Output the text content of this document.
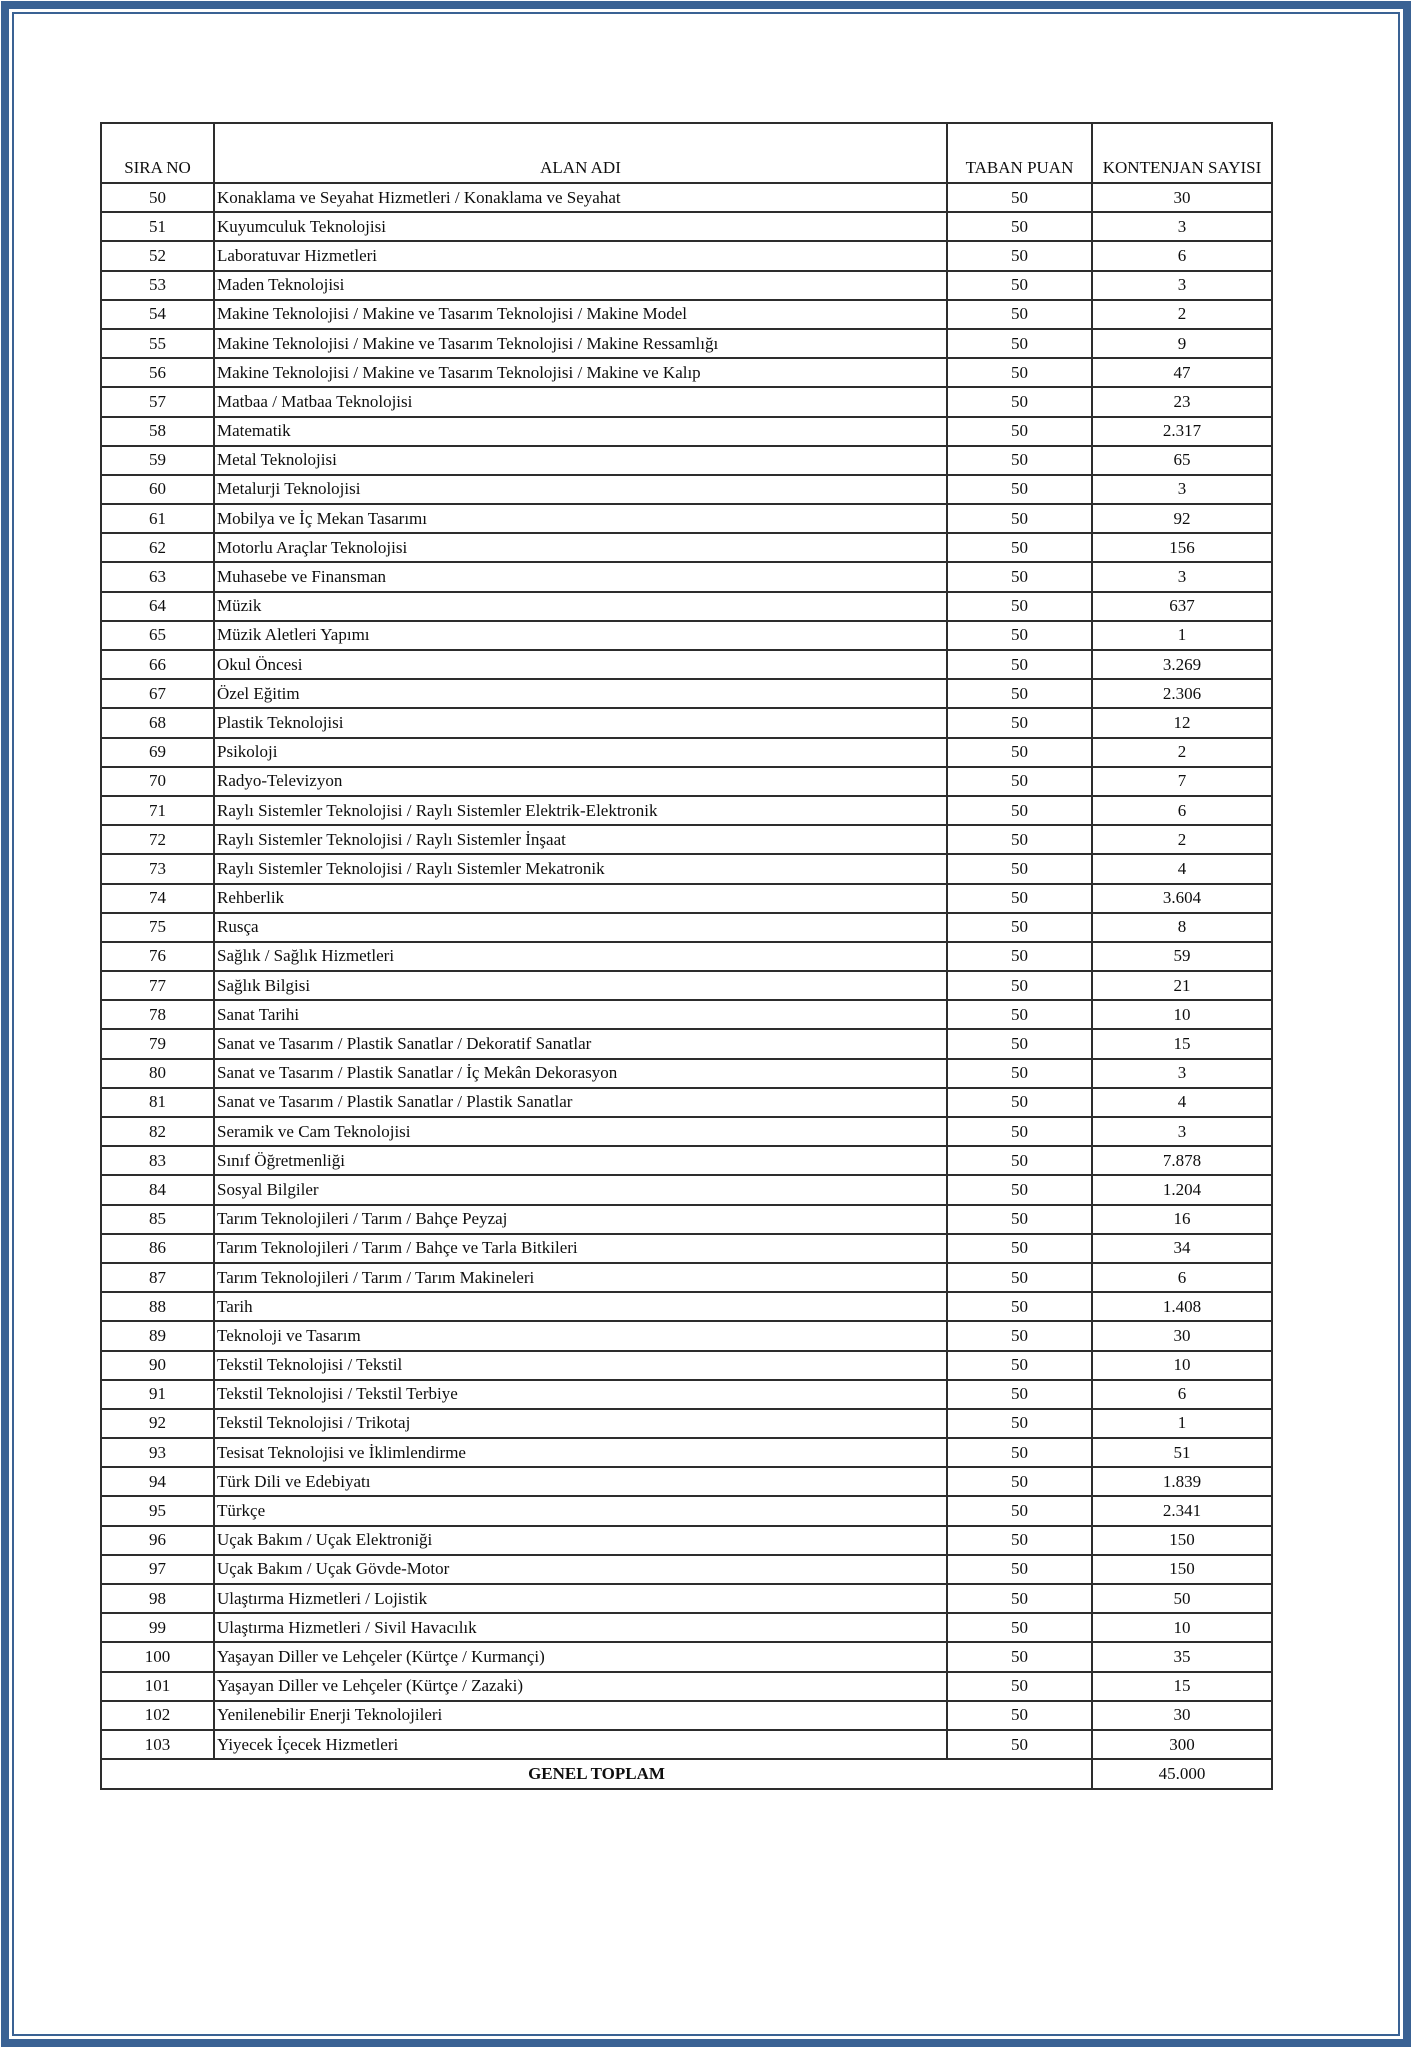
SIRA NO	ALAN ADI	TABAN PUAN	KONTENJAN SAYISI
50	Konaklama ve Seyahat Hizmetleri / Konaklama ve Seyahat	50	30
51	Kuyumculuk Teknolojisi	50	3
52	Laboratuvar Hizmetleri	50	6
53	Maden Teknolojisi	50	3
54	Makine Teknolojisi / Makine ve Tasarım Teknolojisi / Makine Model	50	2
55	Makine Teknolojisi / Makine ve Tasarım Teknolojisi / Makine Ressamlığı	50	9
56	Makine Teknolojisi / Makine ve Tasarım Teknolojisi / Makine ve Kalıp	50	47
57	Matbaa / Matbaa Teknolojisi	50	23
58	Matematik	50	2.317
59	Metal Teknolojisi	50	65
60	Metalurji Teknolojisi	50	3
61	Mobilya ve İç Mekan Tasarımı	50	92
62	Motorlu Araçlar Teknolojisi	50	156
63	Muhasebe ve Finansman	50	3
64	Müzik	50	637
65	Müzik Aletleri Yapımı	50	1
66	Okul Öncesi	50	3.269
67	Özel Eğitim	50	2.306
68	Plastik Teknolojisi	50	12
69	Psikoloji	50	2
70	Radyo-Televizyon	50	7
71	Raylı Sistemler Teknolojisi / Raylı Sistemler Elektrik-Elektronik	50	6
72	Raylı Sistemler Teknolojisi / Raylı Sistemler İnşaat	50	2
73	Raylı Sistemler Teknolojisi / Raylı Sistemler Mekatronik	50	4
74	Rehberlik	50	3.604
75	Rusça	50	8
76	Sağlık / Sağlık Hizmetleri	50	59
77	Sağlık Bilgisi	50	21
78	Sanat Tarihi	50	10
79	Sanat ve Tasarım / Plastik Sanatlar / Dekoratif Sanatlar	50	15
80	Sanat ve Tasarım / Plastik Sanatlar / İç Mekân Dekorasyon	50	3
81	Sanat ve Tasarım / Plastik Sanatlar / Plastik Sanatlar	50	4
82	Seramik ve Cam Teknolojisi	50	3
83	Sınıf Öğretmenliği	50	7.878
84	Sosyal Bilgiler	50	1.204
85	Tarım Teknolojileri / Tarım / Bahçe Peyzaj	50	16
86	Tarım Teknolojileri / Tarım / Bahçe ve Tarla Bitkileri	50	34
87	Tarım Teknolojileri / Tarım / Tarım Makineleri	50	6
88	Tarih	50	1.408
89	Teknoloji ve Tasarım	50	30
90	Tekstil Teknolojisi / Tekstil	50	10
91	Tekstil Teknolojisi / Tekstil Terbiye	50	6
92	Tekstil Teknolojisi / Trikotaj	50	1
93	Tesisat Teknolojisi ve İklimlendirme	50	51
94	Türk Dili ve Edebiyatı	50	1.839
95	Türkçe	50	2.341
96	Uçak Bakım / Uçak Elektroniği	50	150
97	Uçak Bakım / Uçak Gövde-Motor	50	150
98	Ulaştırma Hizmetleri / Lojistik	50	50
99	Ulaştırma Hizmetleri / Sivil Havacılık	50	10
100	Yaşayan Diller ve Lehçeler (Kürtçe / Kurmançi)	50	35
101	Yaşayan Diller ve Lehçeler (Kürtçe / Zazaki)	50	15
102	Yenilenebilir Enerji Teknolojileri	50	30
103	Yiyecek İçecek Hizmetleri	50	300
GENEL TOPLAM			45.000
